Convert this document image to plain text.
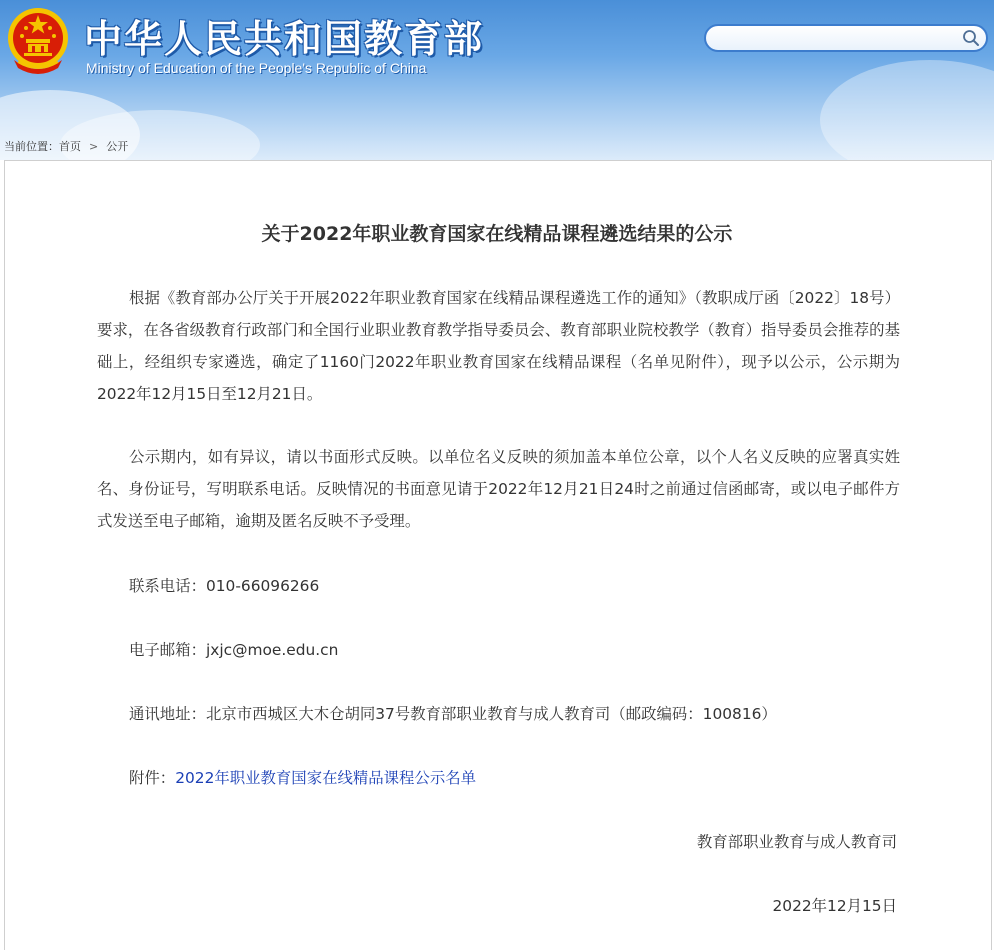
中华人民共和国教育部
Ministry of Education of the People's Republic of China
当前位置：首页 > 公开
关于2022年职业教育国家在线精品课程遴选结果的公示

根据《教育部办公厅关于开展2022年职业教育国家在线精品课程遴选工作的通知》（教职成厅函〔2022〕18号）要求，在各省级教育行政部门和全国行业职业教育教学指导委员会、教育部职业院校教学（教育）指导委员会推荐的基础上，经组织专家遴选，确定了1160门2022年职业教育国家在线精品课程（名单见附件），现予以公示，公示期为2022年12月15日至12月21日。

公示期内，如有异议，请以书面形式反映。以单位名义反映的须加盖本单位公章，以个人名义反映的应署真实姓名、身份证号，写明联系电话。反映情况的书面意见请于2022年12月21日24时之前通过信函邮寄，或以电子邮件方式发送至电子邮箱，逾期及匿名反映不予受理。

联系电话：010-66096266
电子邮箱：jxjc@moe.edu.cn
通讯地址：北京市西城区大木仓胡同37号教育部职业教育与成人教育司（邮政编码：100816）
附件：2022年职业教育国家在线精品课程公示名单
教育部职业教育与成人教育司
2022年12月15日
